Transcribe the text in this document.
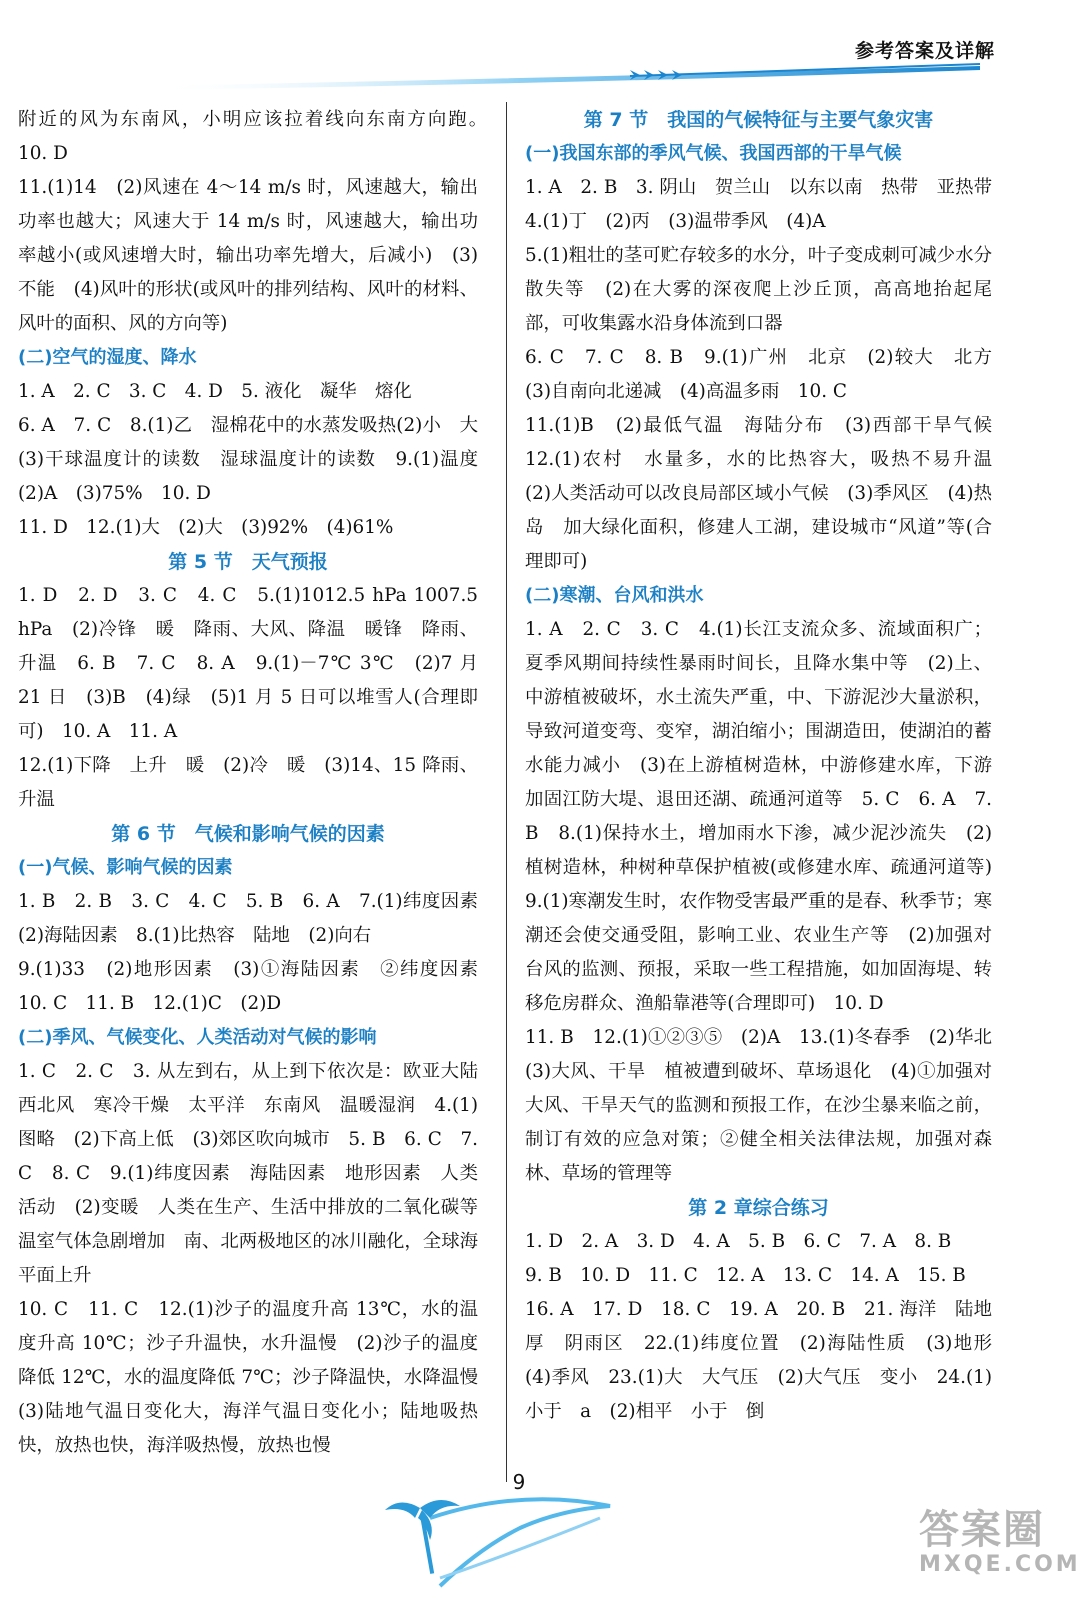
参考答案及详解
附近的风为东南风，小明应该拉着线向东南方向跑。　10. D
11.(1)14　(2)风速在 4～14 m/s 时，风速越大，输出功率也越大；风速大于 14 m/s 时，风速越大，输出功率越小(或风速增大时，输出功率先增大，后减小)　(3)不能　(4)风叶的形状(或风叶的排列结构、风叶的材料、风叶的面积、风的方向等)
(二)空气的湿度、降水
1. A　2. C　3. C　4. D　5. 液化　凝华　熔化
6. A　7. C　8.(1)乙　湿棉花中的水蒸发吸热(2)小　大　(3)干球温度计的读数　湿球温度计的读数　9.(1)温度　(2)A　(3)75%　10. D
11. D　12.(1)大　(2)大　(3)92%　(4)61%
第 5 节　天气预报
1. D　2. D　3. C　4. C　5.(1)1012.5 hPa 1007.5 hPa　(2)冷锋　暖　降雨、大风、降温　暖锋　降雨、升温　6. B　7. C　8. A　9.(1)－7℃ 3℃　(2)7 月 21 日　(3)B　(4)绿　(5)1 月 5 日可以堆雪人(合理即可)　10. A　11. A
12.(1)下降　上升　暖　(2)冷　暖　(3)14、15 降雨、升温
第 6 节　气候和影响气候的因素
(一)气候、影响气候的因素
1. B　2. B　3. C　4. C　5. B　6. A　7.(1)纬度因素　(2)海陆因素　8.(1)比热容　陆地　(2)向右
9.(1)33　(2)地形因素　(3)①海陆因素　②纬度因素　10. C　11. B　12.(1)C　(2)D
(二)季风、气候变化、人类活动对气候的影响
1. C　2. C　3. 从左到右，从上到下依次是：欧亚大陆　西北风　寒冷干燥　太平洋　东南风　温暖湿润　4.(1)图略　(2)下高上低　(3)郊区吹向城市　5. B　6. C　7. C　8. C　9.(1)纬度因素　海陆因素　地形因素　人类活动　(2)变暖　人类在生产、生活中排放的二氧化碳等温室气体急剧增加　南、北两极地区的冰川融化，全球海平面上升
10. C　11. C　12.(1)沙子的温度升高 13℃，水的温度升高 10℃；沙子升温快，水升温慢　(2)沙子的温度降低 12℃，水的温度降低 7℃；沙子降温快，水降温慢　(3)陆地气温日变化大，海洋气温日变化小；陆地吸热快，放热也快，海洋吸热慢，放热也慢
第 7 节　我国的气候特征与主要气象灾害
(一)我国东部的季风气候、我国西部的干旱气候
1. A　2. B　3. 阴山　贺兰山　以东以南　热带　亚热带　4.(1)丁　(2)丙　(3)温带季风　(4)A
5.(1)粗壮的茎可贮存较多的水分，叶子变成刺可减少水分散失等　(2)在大雾的深夜爬上沙丘顶，高高地抬起尾部，可收集露水沿身体流到口器
6. C　7. C　8. B　9.(1)广州　北京　(2)较大　北方　(3)自南向北递减　(4)高温多雨　10. C
11.(1)B　(2)最低气温　海陆分布　(3)西部干旱气候　12.(1)农村　水量多，水的比热容大，吸热不易升温　(2)人类活动可以改良局部区域小气候　(3)季风区　(4)热岛　加大绿化面积，修建人工湖，建设城市“风道”等(合理即可)
(二)寒潮、台风和洪水
1. A　2. C　3. C　4.(1)长江支流众多、流域面积广；夏季风期间持续性暴雨时间长，且降水集中等　(2)上、中游植被破坏，水土流失严重，中、下游泥沙大量淤积，导致河道变弯、变窄，湖泊缩小；围湖造田，使湖泊的蓄水能力减小　(3)在上游植树造林，中游修建水库，下游加固江防大堤、退田还湖、疏通河道等　5. C　6. A　7. B　8.(1)保持水土，增加雨水下渗，减少泥沙流失　(2)植树造林，种树种草保护植被(或修建水库、疏通河道等)　9.(1)寒潮发生时，农作物受害最严重的是春、秋季节；寒潮还会使交通受阻，影响工业、农业生产等　(2)加强对台风的监测、预报，采取一些工程措施，如加固海堤、转移危房群众、渔船靠港等(合理即可)　10. D
11. B　12.(1)①②③⑤　(2)A　13.(1)冬春季　(2)华北　(3)大风、干旱　植被遭到破坏、草场退化　(4)①加强对大风、干旱天气的监测和预报工作，在沙尘暴来临之前，制订有效的应急对策；②健全相关法律法规，加强对森林、草场的管理等
第 2 章综合练习
1. D　2. A　3. D　4. A　5. B　6. C　7. A　8. B
9. B　10. D　11. C　12. A　13. C　14. A　15. B
16. A　17. D　18. C　19. A　20. B　21. 海洋　陆地　厚　阴雨区　22.(1)纬度位置　(2)海陆性质　(3)地形　(4)季风　23.(1)大　大气压　(2)大气压　变小　24.(1)小于　a　(2)相平　小于　倒
9
答案圈
MXQE.COM
